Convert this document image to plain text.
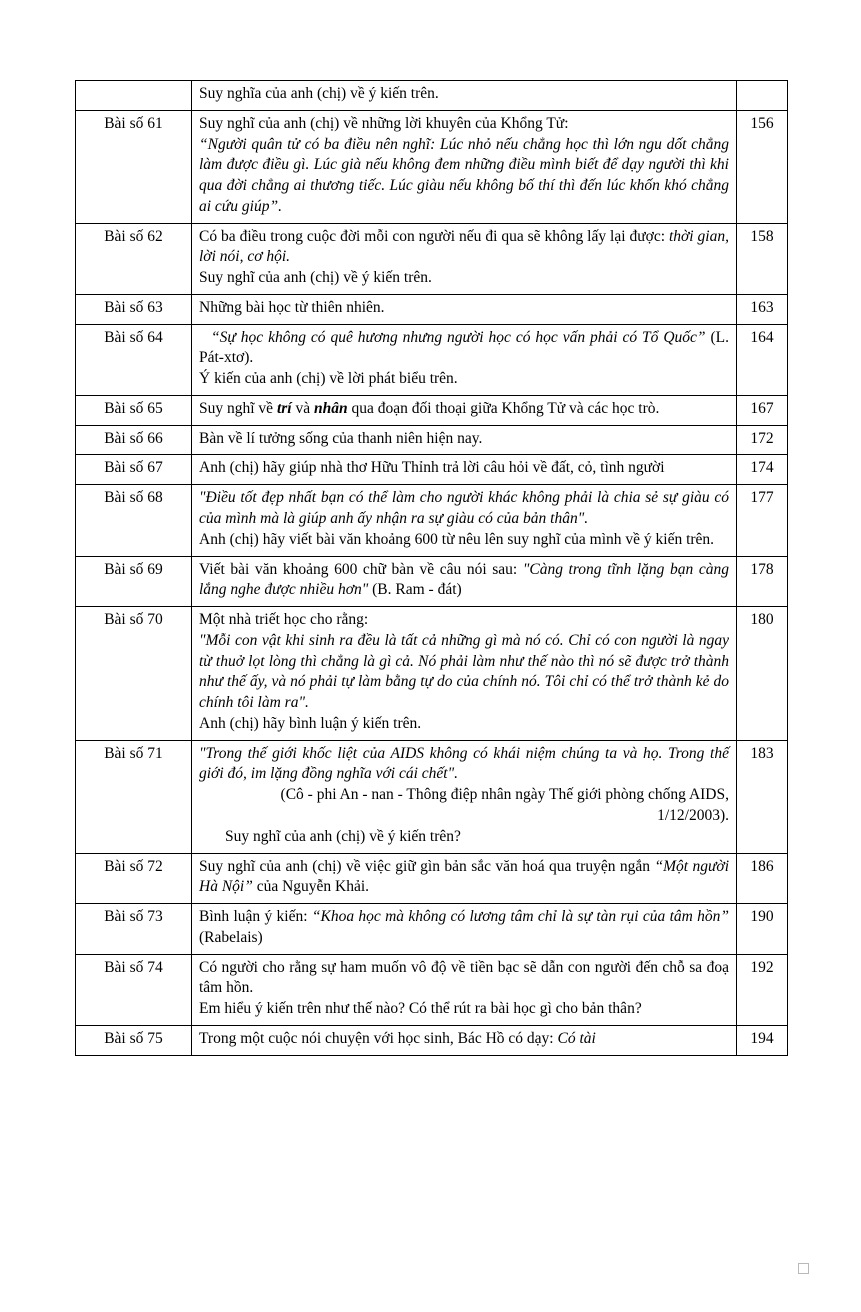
	Suy nghĩa của anh (chị) về ý kiến trên.	

Bài số 61	Suy nghĩ của anh (chị) về những lời khuyên của Khổng Tử:

“Người quân tử có ba điều nên nghĩ: Lúc nhỏ nếu chẳng học thì lớn ngu dốt chẳng làm được điều gì. Lúc già nếu không đem những điều mình biết để dạy người thì khi qua đời chẳng ai thương tiếc. Lúc giàu nếu không bố thí thì đến lúc khốn khó chẳng ai cứu giúp”.	156
Bài số 62	Có ba điều trong cuộc đời mỗi con người nếu đi qua sẽ không lấy lại được: thời gian, lời nói, cơ hội.

Suy nghĩ của anh (chị) về ý kiến trên.	158
Bài số 63	Những bài học từ thiên nhiên.	163
Bài số 64	“Sự học không có quê hương nhưng người học có học vấn phải có Tổ Quốc” (L. Pát-xtơ).

Ý kiến của anh (chị) về lời phát biểu trên.	164
Bài số 65	Suy nghĩ về trí và nhân qua đoạn đối thoại giữa Khổng Tử và các học trò.	167
Bài số 66	Bàn về lí tưởng sống của thanh niên hiện nay.	172
Bài số 67	Anh (chị) hãy giúp nhà thơ Hữu Thỉnh trả lời câu hỏi về đất, cỏ, tình người	174
Bài số 68	"Điều tốt đẹp nhất bạn có thể làm cho người khác không phải là chia sẻ sự giàu có của mình mà là giúp anh ấy nhận ra sự giàu có của bản thân".

Anh (chị) hãy viết bài văn khoảng 600 từ nêu lên suy nghĩ của mình về ý kiến trên.	177
Bài số 69	Viết bài văn khoảng 600 chữ bàn về câu nói sau: "Càng trong tĩnh lặng bạn càng lắng nghe được nhiều hơn" (B. Ram - đát)	178
Bài số 70	Một nhà triết học cho rằng:

"Mỗi con vật khi sinh ra đều là tất cả những gì mà nó có. Chỉ có con người là ngay từ thuở lọt lòng thì chẳng là gì cả. Nó phải làm như thế nào thì nó sẽ được trở thành như thế ấy, và nó phải tự làm bằng tự do của chính nó. Tôi chỉ có thể trở thành kẻ do chính tôi làm ra".

Anh (chị) hãy bình luận ý kiến trên.	180
Bài số 71	"Trong thế giới khốc liệt của AIDS không có khái niệm chúng ta và họ. Trong thế giới đó, im lặng đồng nghĩa với cái chết".

(Cô - phi An - nan - Thông điệp nhân ngày Thế giới phòng chống AIDS, 1/12/2003).

Suy nghĩ của anh (chị) về ý kiến trên?	183
Bài số 72	Suy nghĩ của anh (chị) về việc giữ gìn bản sắc văn hoá qua truyện ngắn “Một người Hà Nội” của Nguyễn Khải.	186
Bài số 73	Bình luận ý kiến: “Khoa học mà không có lương tâm chỉ là sự tàn rụi của tâm hồn” (Rabelais)	190
Bài số 74	Có người cho rằng sự ham muốn vô độ về tiền bạc sẽ dẫn con người đến chỗ sa đoạ tâm hồn.

Em hiểu ý kiến trên như thế nào? Có thể rút ra bài học gì cho bản thân?	192
Bài số 75	Trong một cuộc nói chuyện với học sinh, Bác Hồ có dạy: Có tài	194
